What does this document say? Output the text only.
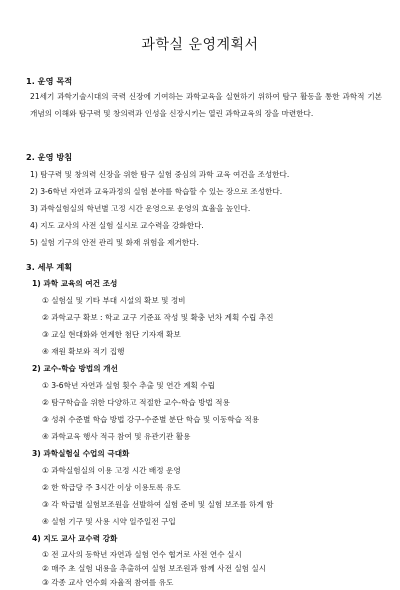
과학실 운영계획서
1. 운영 목적
21세기 과학기술시대의 국력 신장에 기여하는 과학교육을 실현하기 위하여 탐구 활동을 통한 과학적 기본 개념의 이해와 탐구력 및 창의력과 인성을 신장시키는 열린 과학교육의 장을 마련한다.
2. 운영 방침
1) 탐구력 및 창의력 신장을 위한 탐구 실험 중심의 과학 교육 여건을 조성한다.
2) 3-6학년 자연과 교육과정의 실험 분야를 학습할 수 있는 장으로 조성한다.
3) 과학실험실의 학년별 고정 시간 운영으로 운영의 효율을 높인다.
4) 지도 교사의 사전 실험 실시로 교수력을 강화한다.
5) 실험 기구의 안전 관리 및 화재 위험을 제거한다.
3. 세부 계획
1) 과학 교육의 여건 조성
① 실험실 및 기타 부대 시설의 확보 및 정비
② 과학교구 확보 : 학교 교구 기준표 작성 및 확충 년차 계획 수립 추진
③ 교실 현대화와 연계한 첨단 기자재 확보
④ 재원 확보와 적기 집행
2) 교수-학습 방법의 개선
① 3-6학년 자연과 실험 횟수 추출 및 연간 계획 수립
② 탐구학습을 위한 다양하고 적절한 교수-학습 방법 적용
③ 성취 수준별 학습 방법 강구-수준별 분단 학습 및 이동학습 적용
④ 과학교육 행사 적극 참여 및 유관기관 활용
3) 과학실험실 수업의 극대화
① 과학실험실의 이용 고정 시간 배정 운영
② 한 학급당 주 3시간 이상 이용토록 유도
③ 각 학급별 실험보조원을 선발하여 실험 준비 및 실험 보조를 하게 함
④ 실험 기구 및 사용 시약 일주일전 구입
4) 지도 교사 교수력 강화
① 전 교사의 동학년 자연과 실험 연수 협거로 사전 연수 실시
② 매주 초 실험 내용을 추출하여 실험 보조원과 함께 사전 실험 실시
③ 각종 교사 연수회 자율적 참여를 유도
